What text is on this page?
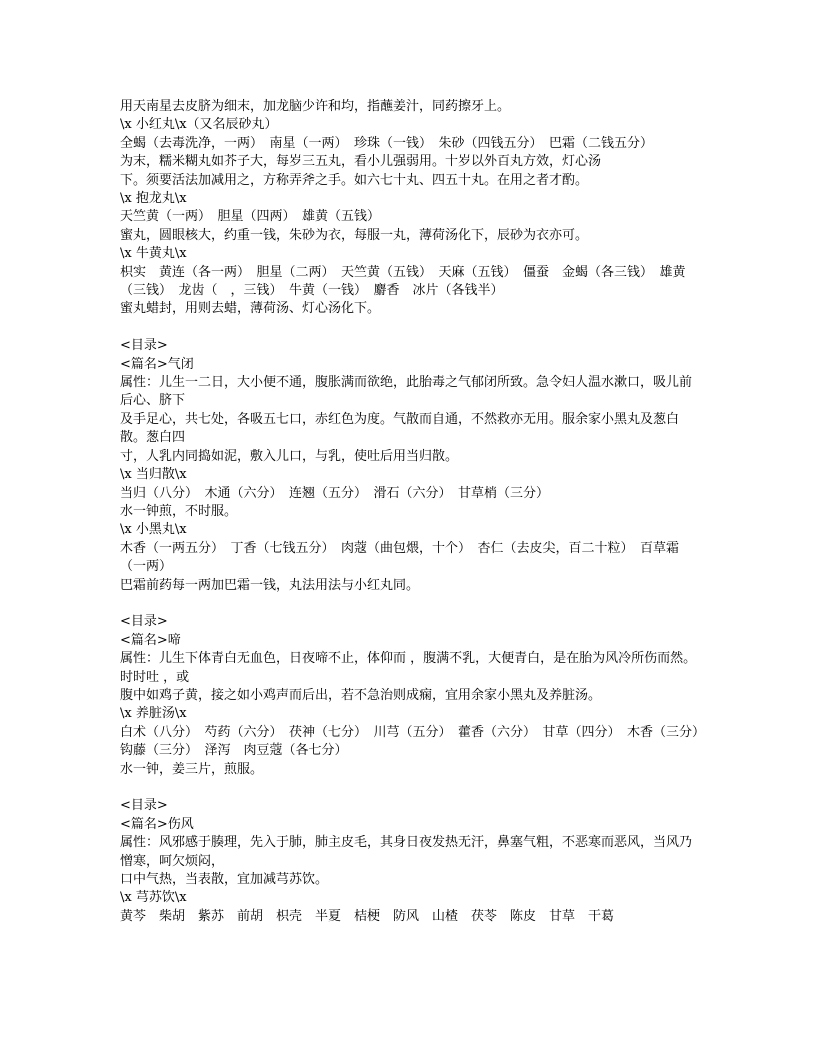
用天南星去皮脐为细末，加龙脑少许和均，指蘸姜汁，同药擦牙上。

\x 小红丸\x（又名辰砂丸）

全蝎（去毒洗净，一两）　南星（一两）　珍珠（一钱）　朱砂（四钱五分）　巴霜（二钱五分）

为末，糯米糊丸如芥子大，每岁三五丸，看小儿强弱用。十岁以外百丸方效，灯心汤

下。须要活法加减用之，方称弄斧之手。如六七十丸、四五十丸。在用之者才酌。

\x 抱龙丸\x

天竺黄（一两）　胆星（四两）　雄黄（五钱）

蜜丸，圆眼核大，约重一钱，朱砂为衣，每服一丸，薄荷汤化下，辰砂为衣亦可。

\x 牛黄丸\x

枳实　黄连（各一两）　胆星（二两）　天竺黄（五钱）　天麻（五钱）　僵蚕　金蝎（各三钱）　雄黄

（三钱）　龙齿（　，三钱）　牛黄（一钱）　麝香　冰片（各钱半）

蜜丸蜡封，用则去蜡，薄荷汤、灯心汤化下。

<目录>

<篇名>气闭

属性：儿生一二日，大小便不通，腹胀满而欲绝，此胎毒之气郁闭所致。急令妇人温水漱口，吸儿前后心、脐下

及手足心，共七处，各吸五七口，赤红色为度。气散而自通，不然救亦无用。服余家小黑丸及葱白散。葱白四

寸，人乳内同捣如泥，敷入儿口，与乳，使吐后用当归散。

\x 当归散\x

当归（八分）　木通（六分）　连翘（五分）　滑石（六分）　甘草梢（三分）

水一钟煎，不时服。

\x 小黑丸\x

木香（一两五分）　丁香（七钱五分）　肉蔻（曲包煨，十个）　杏仁（去皮尖，百二十粒）　百草霜（一两）

巴霜前药每一两加巴霜一钱，丸法用法与小红丸同。

<目录>

<篇名>啼

属性：儿生下体青白无血色，日夜啼不止，体仰而 ，腹满不乳，大便青白，是在胎为风冷所伤而然。时时吐 ，或

腹中如鸡子黄，接之如小鸡声而后出，若不急治则成痫，宜用余家小黑丸及养脏汤。

\x 养脏汤\x

白术（八分）　芍药（六分）　茯神（七分）　川芎（五分）　藿香（六分）　甘草（四分）　木香（三分）

钩藤（三分）　泽泻　肉豆蔻（各七分）

水一钟，姜三片，煎服。

<目录>

<篇名>伤风

属性：风邪感于腠理，先入于肺，肺主皮毛，其身日夜发热无汗，鼻塞气粗，不恶寒而恶风，当风乃憎寒，呵欠烦闷，

口中气热，当表散，宜加减芎苏饮。

\x 芎苏饮\x

黄芩　柴胡　紫苏　前胡　枳壳　半夏　桔梗　防风　山楂　茯苓　陈皮　甘草　干葛
